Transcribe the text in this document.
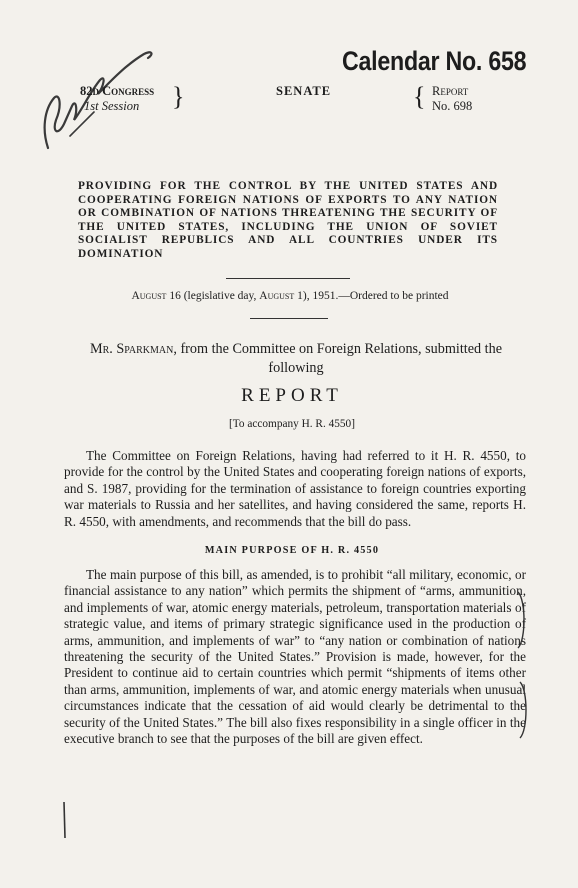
Calendar No. 658
82d Congress
1st Session	}	SENATE	{ Report
No. 698
PROVIDING FOR THE CONTROL BY THE UNITED STATES AND COOPERATING FOREIGN NATIONS OF EXPORTS TO ANY NATION OR COMBINATION OF NATIONS THREATENING THE SECURITY OF THE UNITED STATES, INCLUDING THE UNION OF SOVIET SOCIALIST REPUBLICS AND ALL COUNTRIES UNDER ITS DOMINATION
August 16 (legislative day, August 1), 1951.—Ordered to be printed
Mr. Sparkman, from the Committee on Foreign Relations, submitted the following
REPORT
[To accompany H. R. 4550]
The Committee on Foreign Relations, having had referred to it H. R. 4550, to provide for the control by the United States and cooperating foreign nations of exports, and S. 1987, providing for the termination of assistance to foreign countries exporting war materials to Russia and her satellites, and having considered the same, reports H. R. 4550, with amendments, and recommends that the bill do pass.
MAIN PURPOSE OF H. R. 4550
The main purpose of this bill, as amended, is to prohibit “all military, economic, or financial assistance to any nation” which permits the shipment of “arms, ammunition, and implements of war, atomic energy materials, petroleum, transportation materials of strategic value, and items of primary strategic significance used in the production of arms, ammunition, and implements of war” to “any nation or combination of nations threatening the security of the United States.” Provision is made, however, for the President to continue aid to certain countries which permit “shipments of items other than arms, ammunition, implements of war, and atomic energy materials when unusual circumstances indicate that the cessation of aid would clearly be detrimental to the security of the United States.” The bill also fixes responsibility in a single officer in the executive branch to see that the purposes of the bill are given effect.
